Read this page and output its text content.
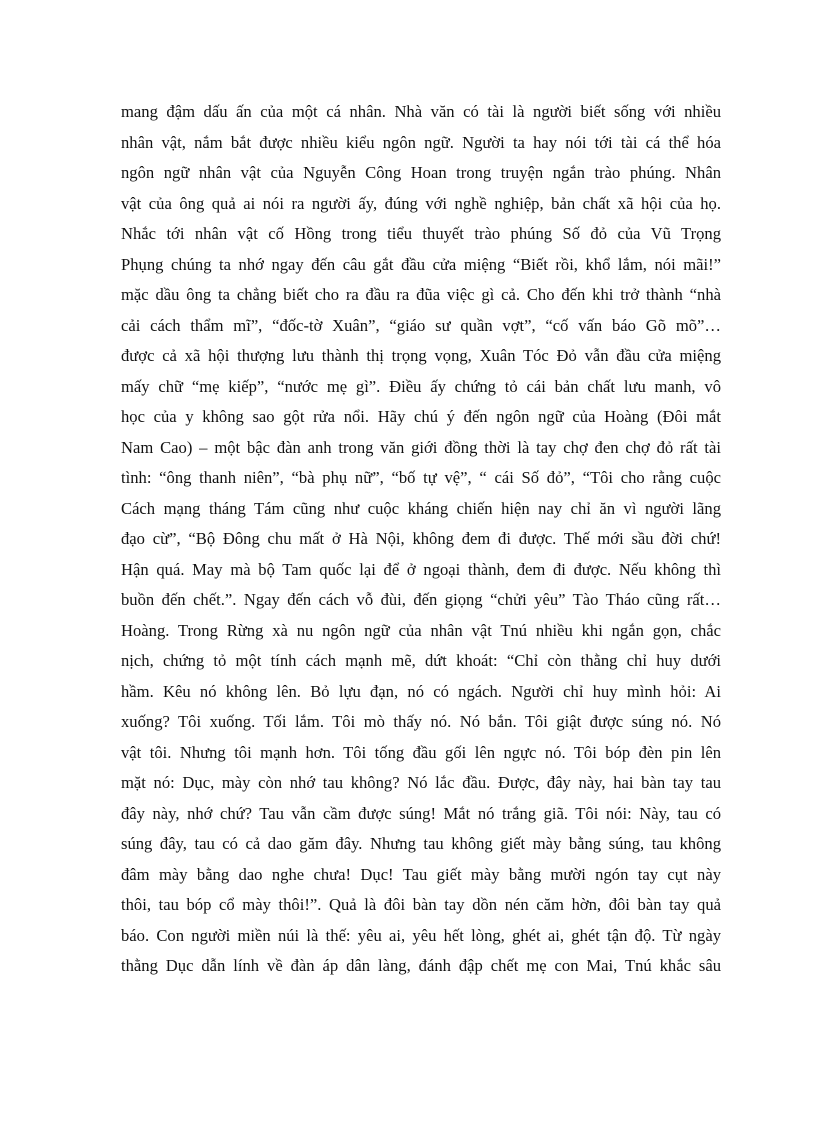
mang đậm dấu ấn của một cá nhân. Nhà văn có tài là người biết sống với nhiều
nhân vật, nắm bắt được nhiều kiểu ngôn ngữ. Người ta hay nói tới tài cá thể hóa
ngôn ngữ nhân vật của Nguyễn Công Hoan trong truyện ngắn trào phúng. Nhân
vật của ông quả ai nói ra người ấy, đúng với nghề nghiệp, bản chất xã hội của họ.
Nhắc tới nhân vật cố Hồng trong tiểu thuyết trào phúng Số đỏ của Vũ Trọng
Phụng chúng ta nhớ ngay đến câu gắt đầu cửa miệng “Biết rồi, khổ lắm, nói mãi!”
mặc dầu ông ta chẳng biết cho ra đầu ra đũa việc gì cả. Cho đến khi trở thành “nhà
cải cách thẩm mĩ”, “đốc-tờ Xuân”, “giáo sư quần vợt”, “cố vấn báo Gõ mõ”…
được cả xã hội thượng lưu thành thị trọng vọng, Xuân Tóc Đỏ vẫn đầu cửa miệng
mấy chữ “mẹ kiếp”, “nước mẹ gì”. Điều ấy chứng tỏ cái bản chất lưu manh, vô
học của y không sao gột rửa nổi. Hãy chú ý đến ngôn ngữ của Hoàng (Đôi mắt
Nam Cao) – một bậc đàn anh trong văn giới đồng thời là tay chợ đen chợ đỏ rất tài
tình: “ông thanh niên”, “bà phụ nữ”, “bố tự vệ”, “ cái Số đỏ”, “Tôi cho rằng cuộc
Cách mạng tháng Tám cũng như cuộc kháng chiến hiện nay chỉ ăn vì người lãng
đạo cừ”, “Bộ Đông chu mất ở Hà Nội, không đem đi được. Thế mới sầu đời chứ!
Hận quá. May mà bộ Tam quốc lại để ở ngoại thành, đem đi được. Nếu không thì
buồn đến chết.”. Ngay đến cách vỗ đùi, đến giọng “chửi yêu” Tào Tháo cũng rất…
Hoàng. Trong Rừng xà nu ngôn ngữ của nhân vật Tnú nhiều khi ngắn gọn, chắc
nịch, chứng tỏ một tính cách mạnh mẽ, dứt khoát: “Chỉ còn thằng chỉ huy dưới
hầm. Kêu nó không lên. Bỏ lựu đạn, nó có ngách. Người chỉ huy mình hỏi: Ai
xuống? Tôi xuống. Tối lắm. Tôi mò thấy nó. Nó bắn. Tôi giật được súng nó. Nó
vật tôi. Nhưng tôi mạnh hơn. Tôi tống đầu gối lên ngực nó. Tôi bóp đèn pin lên
mặt nó: Dục, mày còn nhớ tau không? Nó lắc đầu. Được, đây này, hai bàn tay tau
đây này, nhớ chứ? Tau vẫn cầm được súng! Mắt nó trắng giã. Tôi nói: Này, tau có
súng đây, tau có cả dao găm đây. Nhưng tau không giết mày bằng súng, tau không
đâm mày bằng dao nghe chưa! Dục! Tau giết mày bằng mười ngón tay cụt này
thôi, tau bóp cổ mày thôi!”. Quả là đôi bàn tay dồn nén căm hờn, đôi bàn tay quả
báo. Con người miền núi là thế: yêu ai, yêu hết lòng, ghét ai, ghét tận độ. Từ ngày
thằng Dục dẫn lính về đàn áp dân làng, đánh đập chết mẹ con Mai, Tnú khắc sâu
